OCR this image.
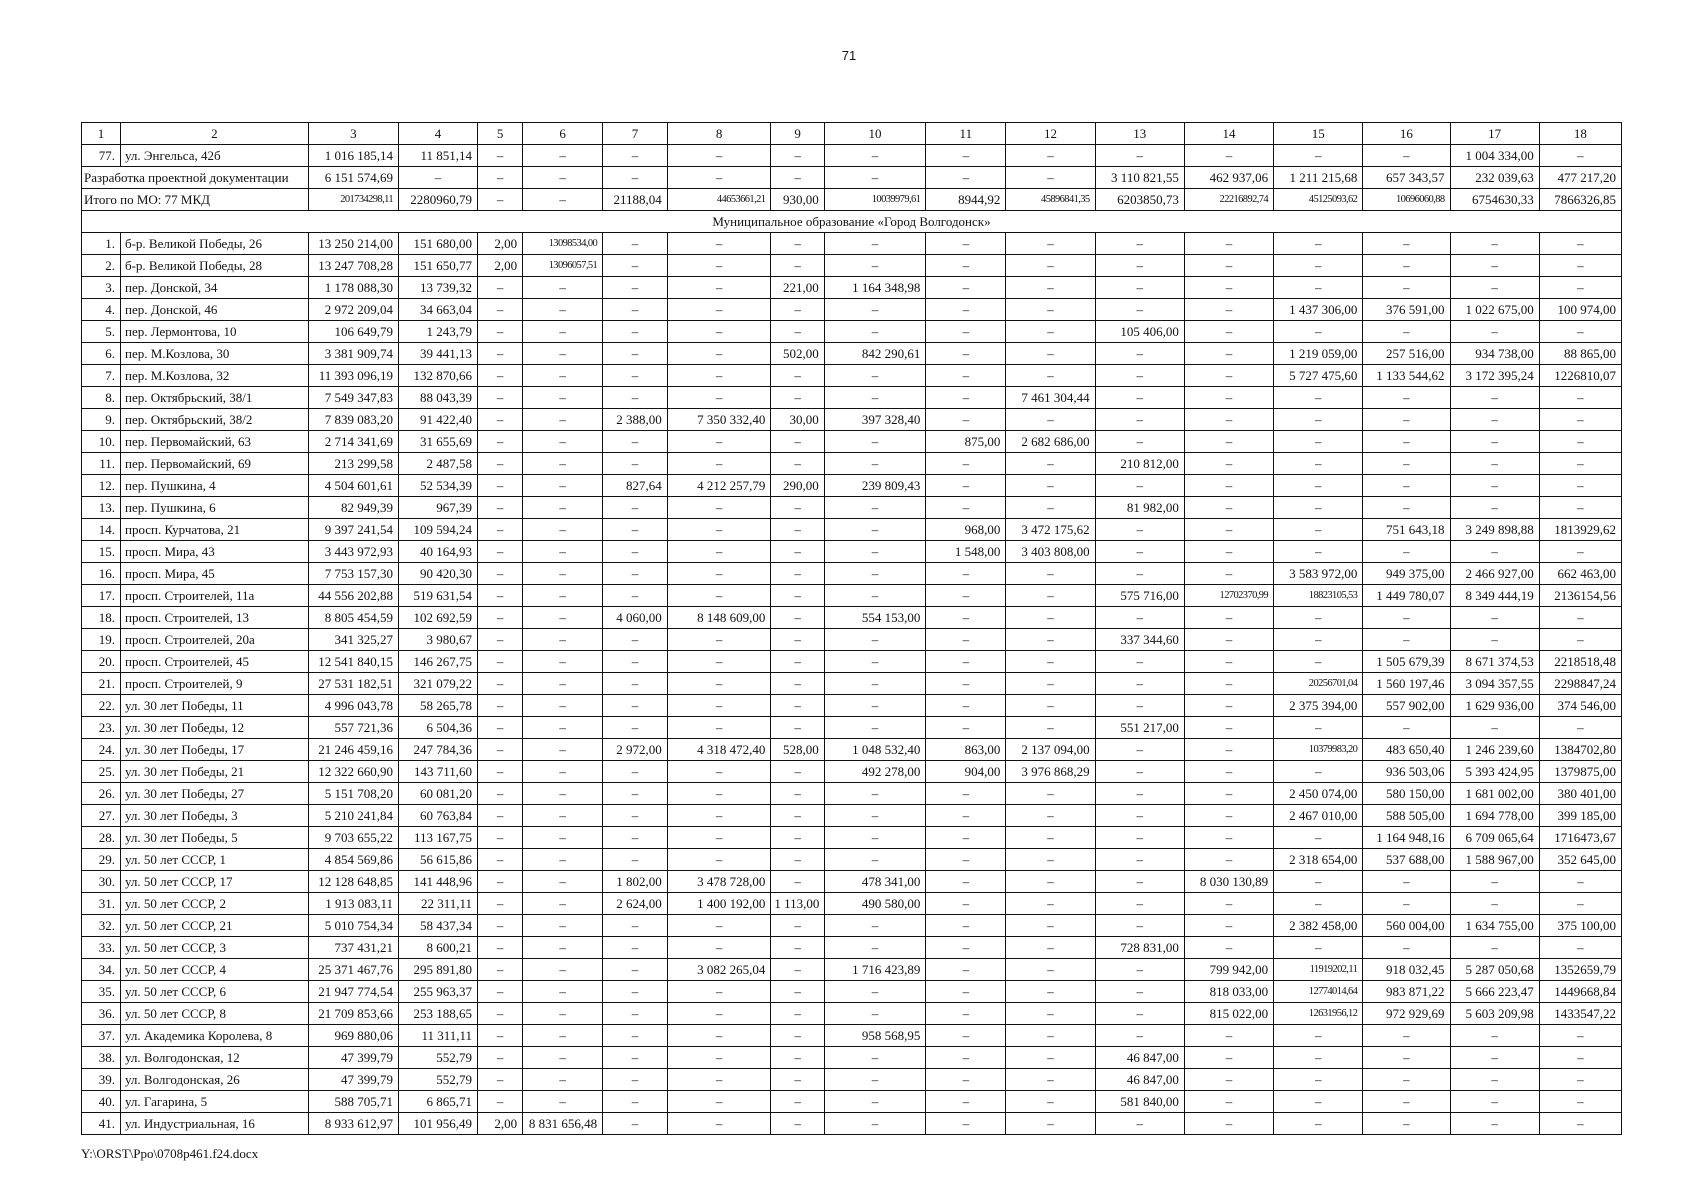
71
1	2	3	4	5	6	7	8	9	10	11	12	13	14	15	16	17	18
77.	ул. Энгельса, 42б	1 016 185,14	11 851,14	–	–	–	–	–	–	–	–	–	–	–	–	1 004 334,00	–
Разработка проектной документации		6 151 574,69	–	–	–	–	–	–	–	–	–	3 110 821,55	462 937,06	1 211 215,68	657 343,57	232 039,63	477 217,20
Итого по МО: 77 МКД		201734298,11	2280960,79	–	–	21188,04	44653661,21	930,00	10039979,61	8944,92	45896841,35	6203850,73	22216892,74	45125093,62	10696060,88	6754630,33	7866326,85
Муниципальное образование «Город Волгодонск»																	
1.	б-р. Великой Победы, 26	13 250 214,00	151 680,00	2,00	13098534,00	–	–	–	–	–	–	–	–	–	–	–	–
2.	б-р. Великой Победы, 28	13 247 708,28	151 650,77	2,00	13096057,51	–	–	–	–	–	–	–	–	–	–	–	–
3.	пер. Донской, 34	1 178 088,30	13 739,32	–	–	–	–	221,00	1 164 348,98	–	–	–	–	–	–	–	–
4.	пер. Донской, 46	2 972 209,04	34 663,04	–	–	–	–	–	–	–	–	–	–	1 437 306,00	376 591,00	1 022 675,00	100 974,00
5.	пер. Лермонтова, 10	106 649,79	1 243,79	–	–	–	–	–	–	–	–	105 406,00	–	–	–	–	–
6.	пер. М.Козлова, 30	3 381 909,74	39 441,13	–	–	–	–	502,00	842 290,61	–	–	–	–	1 219 059,00	257 516,00	934 738,00	88 865,00
7.	пер. М.Козлова, 32	11 393 096,19	132 870,66	–	–	–	–	–	–	–	–	–	–	5 727 475,60	1 133 544,62	3 172 395,24	1226810,07
8.	пер. Октябрьский, 38/1	7 549 347,83	88 043,39	–	–	–	–	–	–	–	7 461 304,44	–	–	–	–	–	–
9.	пер. Октябрьский, 38/2	7 839 083,20	91 422,40	–	–	2 388,00	7 350 332,40	30,00	397 328,40	–	–	–	–	–	–	–	–
10.	пер. Первомайский, 63	2 714 341,69	31 655,69	–	–	–	–	–	–	875,00	2 682 686,00	–	–	–	–	–	–
11.	пер. Первомайский, 69	213 299,58	2 487,58	–	–	–	–	–	–	–	–	210 812,00	–	–	–	–	–
12.	пер. Пушкина, 4	4 504 601,61	52 534,39	–	–	827,64	4 212 257,79	290,00	239 809,43	–	–	–	–	–	–	–	–
13.	пер. Пушкина, 6	82 949,39	967,39	–	–	–	–	–	–	–	–	81 982,00	–	–	–	–	–
14.	просп. Курчатова, 21	9 397 241,54	109 594,24	–	–	–	–	–	–	968,00	3 472 175,62	–	–	–	751 643,18	3 249 898,88	1813929,62
15.	просп. Мира, 43	3 443 972,93	40 164,93	–	–	–	–	–	–	1 548,00	3 403 808,00	–	–	–	–	–	–
16.	просп. Мира, 45	7 753 157,30	90 420,30	–	–	–	–	–	–	–	–	–	–	3 583 972,00	949 375,00	2 466 927,00	662 463,00
17.	просп. Строителей, 11а	44 556 202,88	519 631,54	–	–	–	–	–	–	–	–	575 716,00	12702370,99	18823105,53	1 449 780,07	8 349 444,19	2136154,56
18.	просп. Строителей, 13	8 805 454,59	102 692,59	–	–	4 060,00	8 148 609,00	–	554 153,00	–	–	–	–	–	–	–	–
19.	просп. Строителей, 20а	341 325,27	3 980,67	–	–	–	–	–	–	–	–	337 344,60	–	–	–	–	–
20.	просп. Строителей, 45	12 541 840,15	146 267,75	–	–	–	–	–	–	–	–	–	–	–	1 505 679,39	8 671 374,53	2218518,48
21.	просп. Строителей, 9	27 531 182,51	321 079,22	–	–	–	–	–	–	–	–	–	–	20256701,04	1 560 197,46	3 094 357,55	2298847,24
22.	ул. 30 лет Победы, 11	4 996 043,78	58 265,78	–	–	–	–	–	–	–	–	–	–	2 375 394,00	557 902,00	1 629 936,00	374 546,00
23.	ул. 30 лет Победы, 12	557 721,36	6 504,36	–	–	–	–	–	–	–	–	551 217,00	–	–	–	–	–
24.	ул. 30 лет Победы, 17	21 246 459,16	247 784,36	–	–	2 972,00	4 318 472,40	528,00	1 048 532,40	863,00	2 137 094,00	–	–	10379983,20	483 650,40	1 246 239,60	1384702,80
25.	ул. 30 лет Победы, 21	12 322 660,90	143 711,60	–	–	–	–	–	492 278,00	904,00	3 976 868,29	–	–	–	936 503,06	5 393 424,95	1379875,00
26.	ул. 30 лет Победы, 27	5 151 708,20	60 081,20	–	–	–	–	–	–	–	–	–	–	2 450 074,00	580 150,00	1 681 002,00	380 401,00
27.	ул. 30 лет Победы, 3	5 210 241,84	60 763,84	–	–	–	–	–	–	–	–	–	–	2 467 010,00	588 505,00	1 694 778,00	399 185,00
28.	ул. 30 лет Победы, 5	9 703 655,22	113 167,75	–	–	–	–	–	–	–	–	–	–	–	1 164 948,16	6 709 065,64	1716473,67
29.	ул. 50 лет СССР, 1	4 854 569,86	56 615,86	–	–	–	–	–	–	–	–	–	–	2 318 654,00	537 688,00	1 588 967,00	352 645,00
30.	ул. 50 лет СССР, 17	12 128 648,85	141 448,96	–	–	1 802,00	3 478 728,00	–	478 341,00	–	–	–	8 030 130,89	–	–	–	–
31.	ул. 50 лет СССР, 2	1 913 083,11	22 311,11	–	–	2 624,00	1 400 192,00	1 113,00	490 580,00	–	–	–	–	–	–	–	–
32.	ул. 50 лет СССР, 21	5 010 754,34	58 437,34	–	–	–	–	–	–	–	–	–	–	2 382 458,00	560 004,00	1 634 755,00	375 100,00
33.	ул. 50 лет СССР, 3	737 431,21	8 600,21	–	–	–	–	–	–	–	–	728 831,00	–	–	–	–	–
34.	ул. 50 лет СССР, 4	25 371 467,76	295 891,80	–	–	–	3 082 265,04	–	1 716 423,89	–	–	–	799 942,00	11919202,11	918 032,45	5 287 050,68	1352659,79
35.	ул. 50 лет СССР, 6	21 947 774,54	255 963,37	–	–	–	–	–	–	–	–	–	818 033,00	12774014,64	983 871,22	5 666 223,47	1449668,84
36.	ул. 50 лет СССР, 8	21 709 853,66	253 188,65	–	–	–	–	–	–	–	–	–	815 022,00	12631956,12	972 929,69	5 603 209,98	1433547,22
37.	ул. Академика Королева, 8	969 880,06	11 311,11	–	–	–	–	–	958 568,95	–	–	–	–	–	–	–	–
38.	ул. Волгодонская, 12	47 399,79	552,79	–	–	–	–	–	–	–	–	46 847,00	–	–	–	–	–
39.	ул. Волгодонская, 26	47 399,79	552,79	–	–	–	–	–	–	–	–	46 847,00	–	–	–	–	–
40.	ул. Гагарина, 5	588 705,71	6 865,71	–	–	–	–	–	–	–	–	581 840,00	–	–	–	–	–
41.	ул. Индустриальная, 16	8 933 612,97	101 956,49	2,00	8 831 656,48	–	–	–	–	–	–	–	–	–	–	–	–
Y:\ORST\Ppo\0708p461.f24.docx
